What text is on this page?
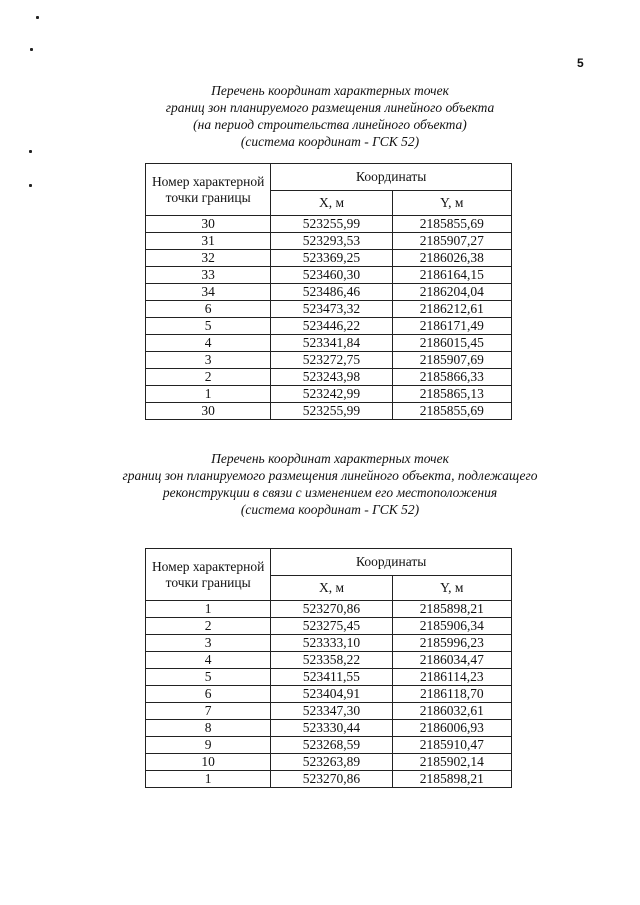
5
Перечень координат характерных точек
границ зон планируемого размещения линейного объекта
(на период строительства линейного объекта)
(система координат - ГСК 52)
Номер характерной точки границы	Координаты	
	X, м	Y, м
30	523255,99	2185855,69
31	523293,53	2185907,27
32	523369,25	2186026,38
33	523460,30	2186164,15
34	523486,46	2186204,04
6	523473,32	2186212,61
5	523446,22	2186171,49
4	523341,84	2186015,45
3	523272,75	2185907,69
2	523243,98	2185866,33
1	523242,99	2185865,13
30	523255,99	2185855,69
Перечень координат характерных точек
границ зон планируемого размещения линейного объекта, подлежащего
реконструкции в связи с изменением его местоположения
(система координат - ГСК 52)
Номер характерной точки границы	Координаты	
	X, м	Y, м
1	523270,86	2185898,21
2	523275,45	2185906,34
3	523333,10	2185996,23
4	523358,22	2186034,47
5	523411,55	2186114,23
6	523404,91	2186118,70
7	523347,30	2186032,61
8	523330,44	2186006,93
9	523268,59	2185910,47
10	523263,89	2185902,14
1	523270,86	2185898,21
